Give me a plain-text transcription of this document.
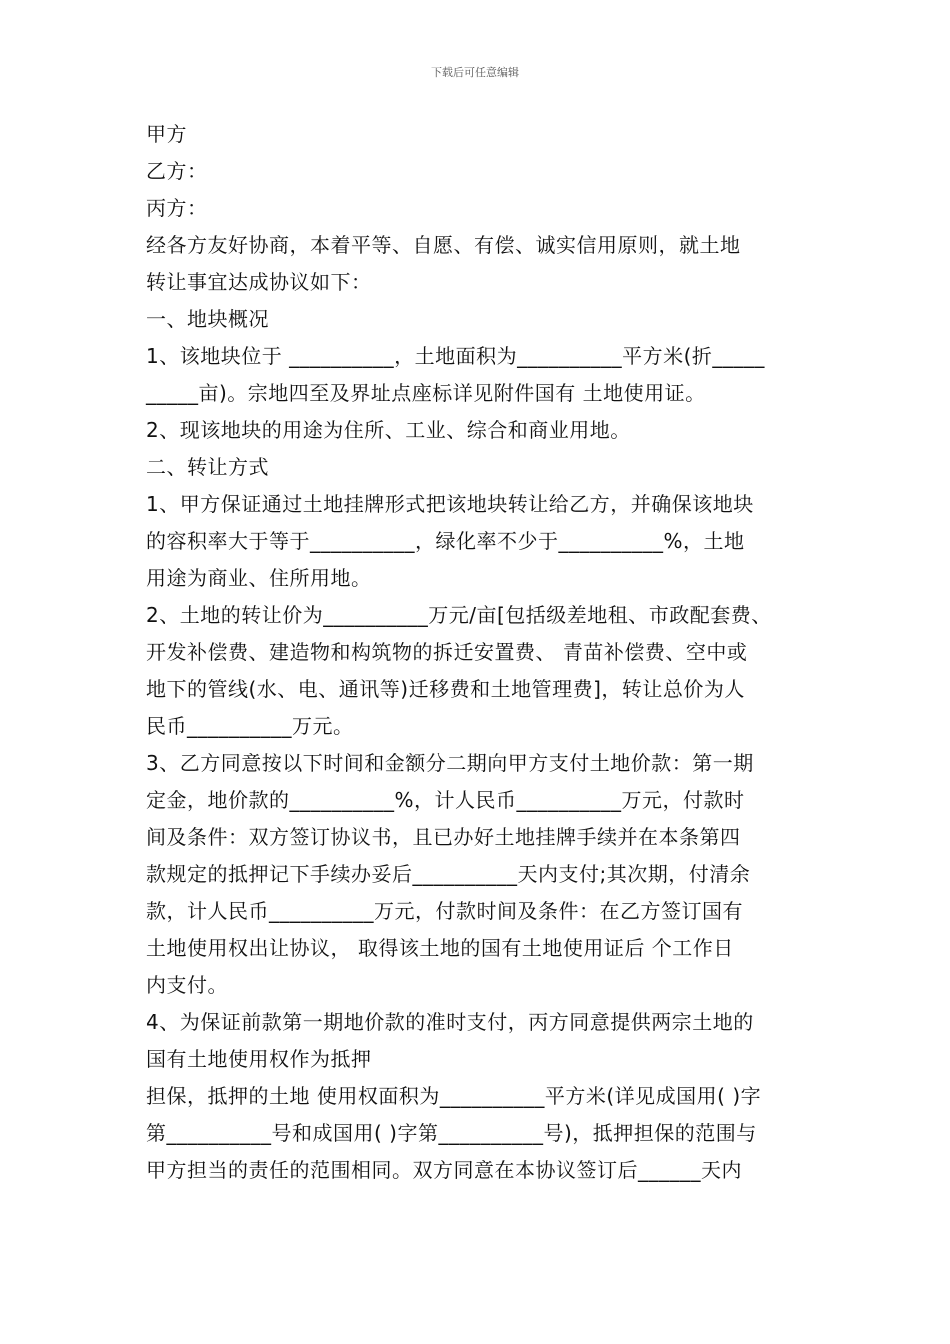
下载后可任意编辑
甲方
乙方：
丙方：
经各方友好协商，本着平等、自愿、有偿、诚实信用原则，就土地
转让事宜达成协议如下：
一、地块概况
1、该地块位于 __________，土地面积为__________平方米(折_____
_____亩)。宗地四至及界址点座标详见附件国有 土地使用证。
2、现该地块的用途为住所、工业、综合和商业用地。
二、转让方式
1、甲方保证通过土地挂牌形式把该地块转让给乙方，并确保该地块
的容积率大于等于__________，绿化率不少于__________%，土地
用途为商业、住所用地。
2、土地的转让价为__________万元/亩[包括级差地租、市政配套费、
开发补偿费、建造物和构筑物的拆迁安置费、 青苗补偿费、空中或
地下的管线(水、电、通讯等)迁移费和土地管理费]，转让总价为人
民币__________万元。
3、乙方同意按以下时间和金额分二期向甲方支付土地价款：第一期
定金，地价款的__________%，计人民币__________万元，付款时
间及条件：双方签订协议书，且已办好土地挂牌手续并在本条第四
款规定的抵押记下手续办妥后__________天内支付;其次期，付清余
款，计人民币__________万元，付款时间及条件：在乙方签订国有
土地使用权出让协议， 取得该土地的国有土地使用证后 个工作日
内支付。
4、为保证前款第一期地价款的准时支付，丙方同意提供两宗土地的
国有土地使用权作为抵押
担保，抵押的土地 使用权面积为__________平方米(详见成国用( )字
第__________号和成国用( )字第__________号)，抵押担保的范围与
甲方担当的责任的范围相同。双方同意在本协议签订后______天内
